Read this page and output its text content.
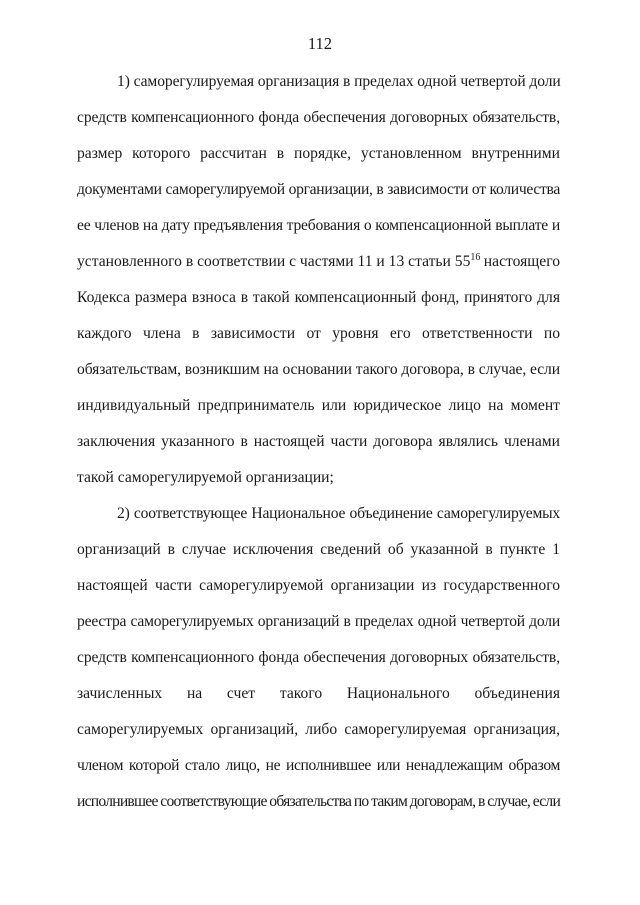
112
1) саморегулируемая организация в пределах одной четвертой доли
средств компенсационного фонда обеспечения договорных обязательств,
размер которого рассчитан в порядке, установленном внутренними
документами саморегулируемой организации, в зависимости от количества
ее членов на дату предъявления требования о компенсационной выплате и
установленного в соответствии с частями 11 и 13 статьи $55^{16}$ настоящего
Кодекса размера взноса в такой компенсационный фонд, принятого для
каждого члена в зависимости от уровня его ответственности по
обязательствам, возникшим на основании такого договора, в случае, если
индивидуальный предприниматель или юридическое лицо на момент
заключения указанного в настоящей части договора являлись членами
такой саморегулируемой организации;
2) соответствующее Национальное объединение саморегулируемых
организаций в случае исключения сведений об указанной в пункте 1
настоящей части саморегулируемой организации из государственного
реестра саморегулируемых организаций в пределах одной четвертой доли
средств компенсационного фонда обеспечения договорных обязательств,
зачисленных на счет такого Национального объединения
саморегулируемых организаций, либо саморегулируемая организация,
членом которой стало лицо, не исполнившее или ненадлежащим образом
исполнившее соответствующие обязательства по таким договорам, в случае, если
